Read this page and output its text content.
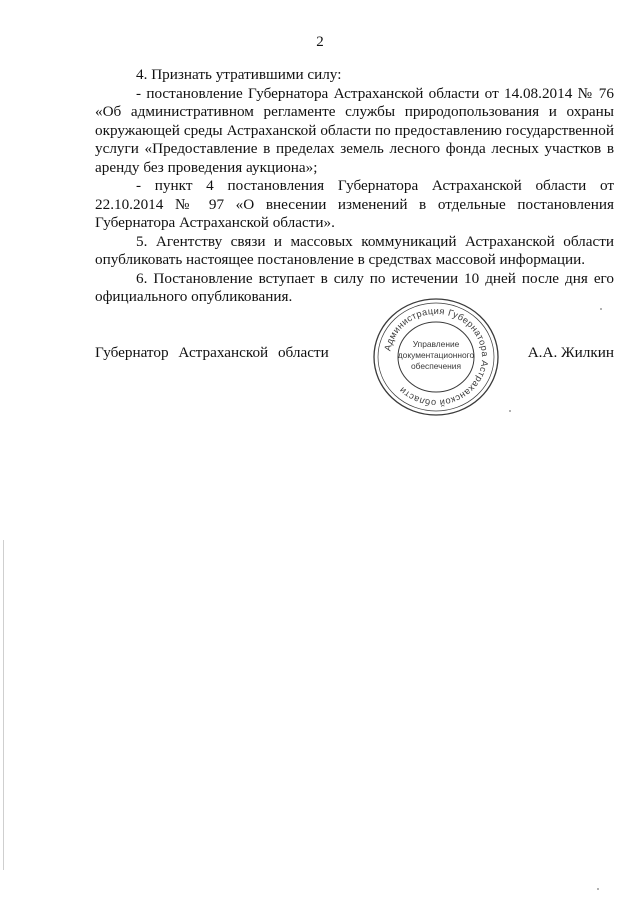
2

4. Признать утратившими силу:

- постановление Губернатора Астраханской области от 14.08.2014 № 76 «Об административном регламенте службы природопользования и охраны окружающей среды Астраханской области по предоставлению государственной услуги «Предоставление в пределах земель лесного фонда лесных участков в аренду без проведения аукциона»;

- пункт 4 постановления Губернатора Астраханской области от 22.10.2014 № 97 «О внесении изменений в отдельные постановления Губернатора Астраханской области».

5. Агентству связи и массовых коммуникаций Астраханской области опубликовать настоящее постановление в средствах массовой информации.

6. Постановление вступает в силу по истечении 10 дней после дня его официального опубликования.

Администрация Губернатора Астраханской области
Управление
документационного
обеспечения
Губернатор Астраханской области	А.А. Жилкин
